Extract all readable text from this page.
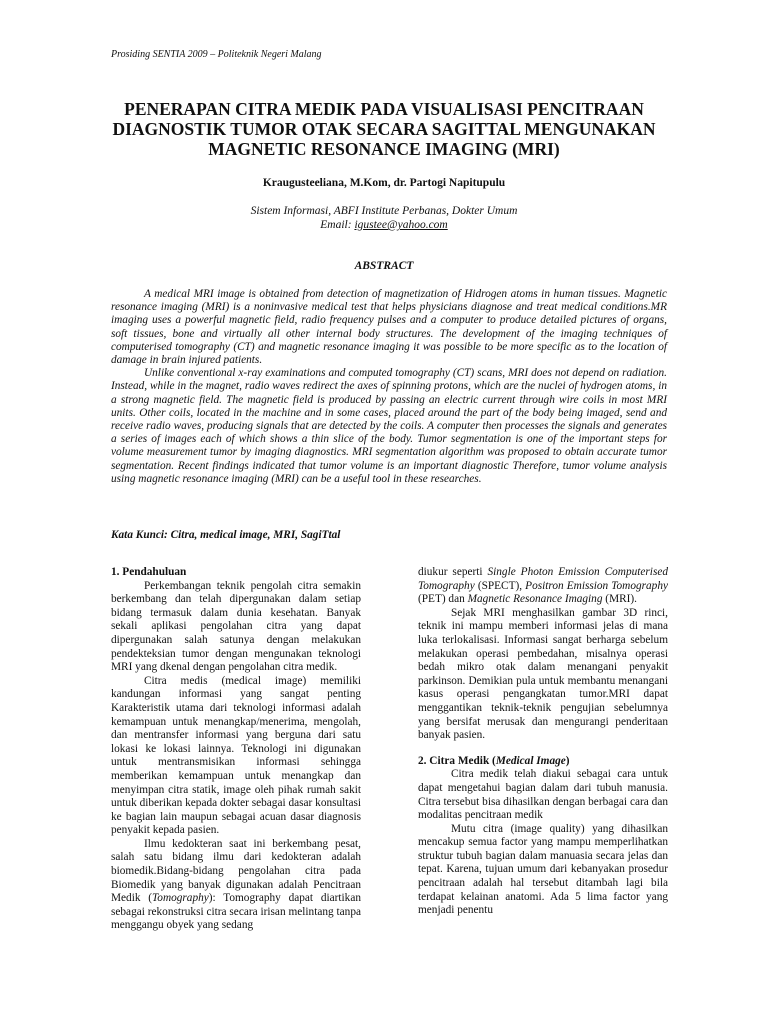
Prosiding SENTIA 2009 – Politeknik Negeri Malang
PENERAPAN CITRA MEDIK PADA VISUALISASI PENCITRAAN DIAGNOSTIK TUMOR OTAK SECARA SAGITTAL MENGUNAKAN MAGNETIC RESONANCE IMAGING (MRI)
Kraugusteeliana, M.Kom, dr. Partogi Napitupulu
Sistem Informasi, ABFI Institute Perbanas, Dokter Umum
Email: igustee@yahoo.com
ABSTRACT

A medical MRI image is obtained from detection of magnetization of Hidrogen atoms in human tissues. Magnetic resonance imaging (MRI) is a noninvasive medical test that helps physicians diagnose and treat medical conditions.MR imaging uses a powerful magnetic field, radio frequency pulses and a computer to produce detailed pictures of organs, soft tissues, bone and virtually all other internal body structures. The development of the imaging techniques of computerised tomography (CT) and magnetic resonance imaging it was possible to be more specific as to the location of damage in brain injured patients.

Unlike conventional x-ray examinations and computed tomography (CT) scans, MRI does not depend on radiation. Instead, while in the magnet, radio waves redirect the axes of spinning protons, which are the nuclei of hydrogen atoms, in a strong magnetic field. The magnetic field is produced by passing an electric current through wire coils in most MRI units. Other coils, located in the machine and in some cases, placed around the part of the body being imaged, send and receive radio waves, producing signals that are detected by the coils. A computer then processes the signals and generates a series of images each of which shows a thin slice of the body. Tumor segmentation is one of the important steps for volume measurement tumor by imaging diagnostics. MRI segmentation algorithm was proposed to obtain accurate tumor segmentation. Recent findings indicated that tumor volume is an important diagnostic Therefore, tumor volume analysis using magnetic resonance imaging (MRI) can be a useful tool in these researches.

Kata Kunci: Citra, medical image, MRI, SagiTtal
1. Pendahuluan

Perkembangan teknik pengolah citra semakin berkembang dan telah dipergunakan dalam setiap bidang termasuk dalam dunia kesehatan. Banyak sekali aplikasi pengolahan citra yang dapat dipergunakan salah satunya dengan melakukan pendekteksian tumor dengan mengunakan teknologi MRI yang dkenal dengan pengolahan citra medik.

Citra medis (medical image) memiliki kandungan informasi yang sangat penting Karakteristik utama dari teknologi informasi adalah kemampuan untuk menangkap/menerima, mengolah, dan mentransfer informasi yang berguna dari satu lokasi ke lokasi lainnya. Teknologi ini digunakan untuk mentransmisikan informasi sehingga memberikan kemampuan untuk menangkap dan menyimpan citra statik, image oleh pihak rumah sakit untuk diberikan kepada dokter sebagai dasar konsultasi ke bagian lain maupun sebagai acuan dasar diagnosis penyakit kepada pasien.

Ilmu kedokteran saat ini berkembang pesat, salah satu bidang ilmu dari kedokteran adalah biomedik.Bidang-bidang pengolahan citra pada Biomedik yang banyak digunakan adalah Pencitraan Medik (Tomography): Tomography dapat diartikan sebagai rekonstruksi citra secara irisan melintang tanpa menggangu obyek yang sedang

diukur seperti Single Photon Emission Computerised Tomography (SPECT), Positron Emission Tomography (PET) dan Magnetic Resonance Imaging (MRI).

Sejak MRI menghasilkan gambar 3D rinci, teknik ini mampu memberi informasi jelas di mana luka terlokalisasi. Informasi sangat berharga sebelum melakukan operasi pembedahan, misalnya operasi bedah mikro otak dalam menangani penyakit parkinson. Demikian pula untuk membantu menangani kasus operasi pengangkatan tumor.MRI dapat menggantikan teknik-teknik pengujian sebelumnya yang bersifat merusak dan mengurangi penderitaan banyak pasien.

2. Citra Medik (Medical Image)

Citra medik telah diakui sebagai cara untuk dapat mengetahui bagian dalam dari tubuh manusia. Citra tersebut bisa dihasilkan dengan berbagai cara dan modalitas pencitraan medik

Mutu citra (image quality) yang dihasilkan mencakup semua factor yang mampu memperlihatkan struktur tubuh bagian dalam manuasia secara jelas dan tepat. Karena, tujuan umum dari kebanyakan prosedur pencitraan adalah hal tersebut ditambah lagi bila terdapat kelainan anatomi. Ada 5 lima factor yang menjadi penentu
